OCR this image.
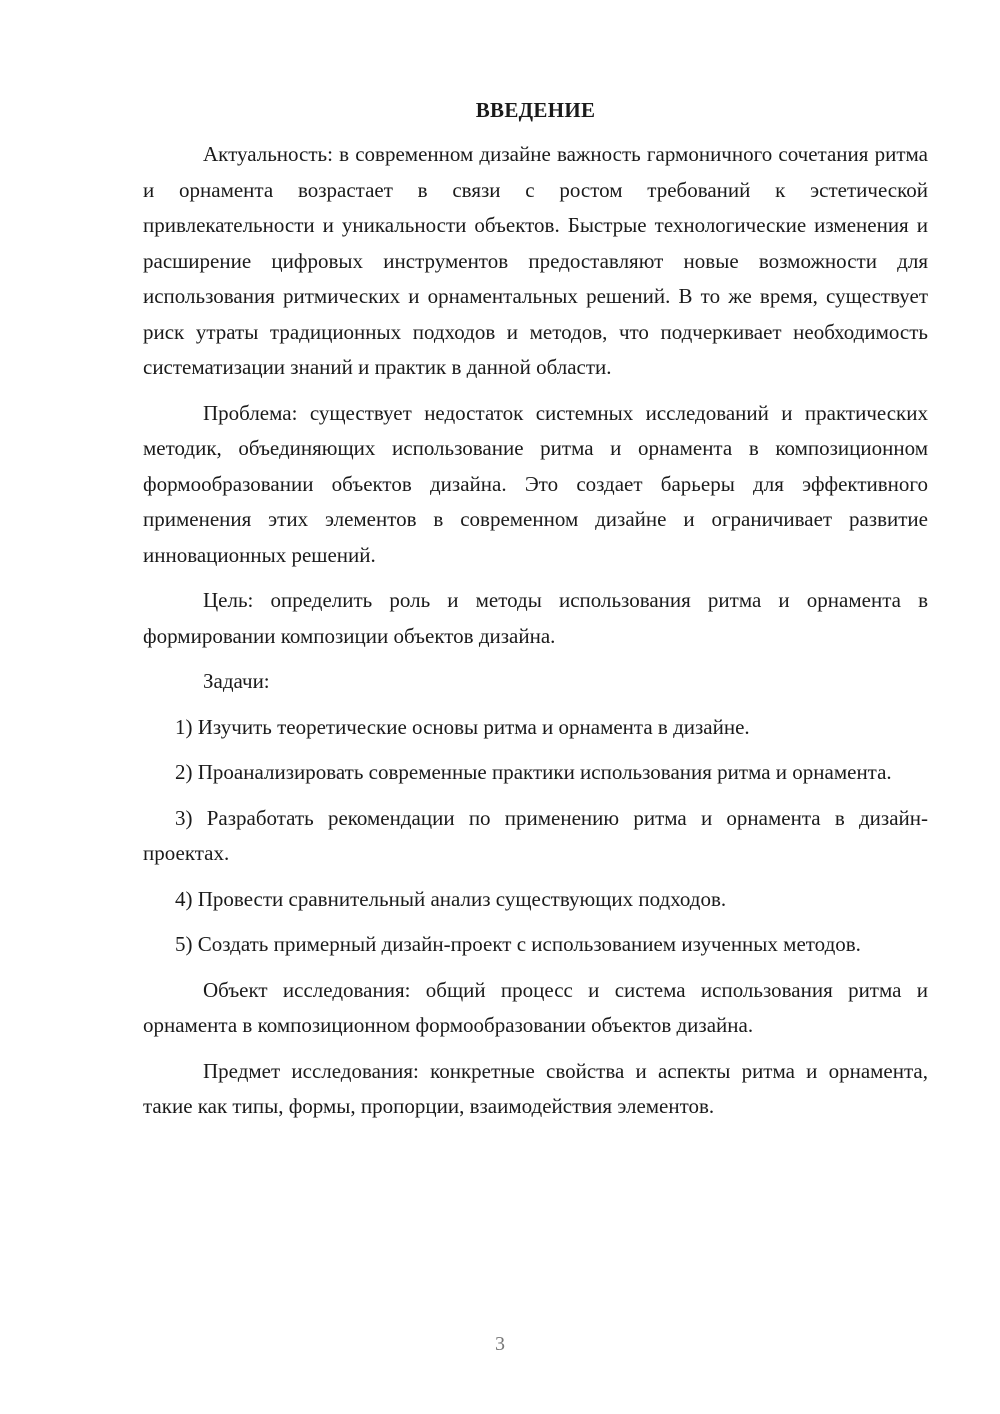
ВВЕДЕНИЕ

Актуальность: в современном дизайне важность гармоничного сочетания ритма и орнамента возрастает в связи с ростом требований к эстетической привлекательности и уникальности объектов. Быстрые технологические изменения и расширение цифровых инструментов предоставляют новые возможности для использования ритмических и орнаментальных решений. В то же время, существует риск утраты традиционных подходов и методов, что подчеркивает необходимость систематизации знаний и практик в данной области.

Проблема: существует недостаток системных исследований и практических методик, объединяющих использование ритма и орнамента в композиционном формообразовании объектов дизайна. Это создает барьеры для эффективного применения этих элементов в современном дизайне и ограничивает развитие инновационных решений.

Цель: определить роль и методы использования ритма и орнамента в формировании композиции объектов дизайна.

Задачи:

1) Изучить теоретические основы ритма и орнамента в дизайне.

2) Проанализировать современные практики использования ритма и орнамента.

3) Разработать рекомендации по применению ритма и орнамента в дизайн-проектах.

4) Провести сравнительный анализ существующих подходов.

5) Создать примерный дизайн-проект с использованием изученных методов.

Объект исследования: общий процесс и система использования ритма и орнамента в композиционном формообразовании объектов дизайна.

Предмет исследования: конкретные свойства и аспекты ритма и орнамента, такие как типы, формы, пропорции, взаимодействия элементов.

3
